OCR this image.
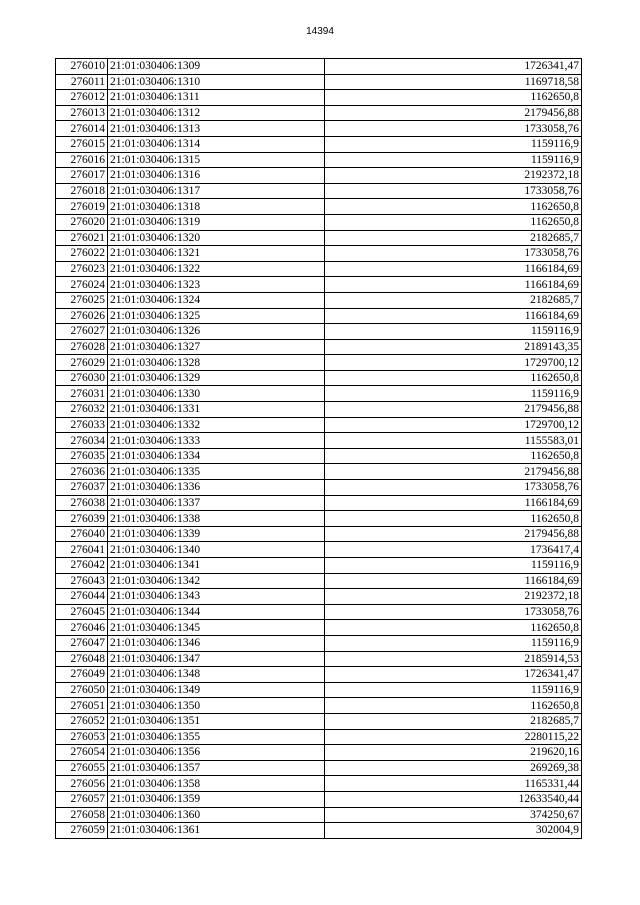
14394
276010	21:01:030406:1309	1726341,47
276011	21:01:030406:1310	1169718,58
276012	21:01:030406:1311	1162650,8
276013	21:01:030406:1312	2179456,88
276014	21:01:030406:1313	1733058,76
276015	21:01:030406:1314	1159116,9
276016	21:01:030406:1315	1159116,9
276017	21:01:030406:1316	2192372,18
276018	21:01:030406:1317	1733058,76
276019	21:01:030406:1318	1162650,8
276020	21:01:030406:1319	1162650,8
276021	21:01:030406:1320	2182685,7
276022	21:01:030406:1321	1733058,76
276023	21:01:030406:1322	1166184,69
276024	21:01:030406:1323	1166184,69
276025	21:01:030406:1324	2182685,7
276026	21:01:030406:1325	1166184,69
276027	21:01:030406:1326	1159116,9
276028	21:01:030406:1327	2189143,35
276029	21:01:030406:1328	1729700,12
276030	21:01:030406:1329	1162650,8
276031	21:01:030406:1330	1159116,9
276032	21:01:030406:1331	2179456,88
276033	21:01:030406:1332	1729700,12
276034	21:01:030406:1333	1155583,01
276035	21:01:030406:1334	1162650,8
276036	21:01:030406:1335	2179456,88
276037	21:01:030406:1336	1733058,76
276038	21:01:030406:1337	1166184,69
276039	21:01:030406:1338	1162650,8
276040	21:01:030406:1339	2179456,88
276041	21:01:030406:1340	1736417,4
276042	21:01:030406:1341	1159116,9
276043	21:01:030406:1342	1166184,69
276044	21:01:030406:1343	2192372,18
276045	21:01:030406:1344	1733058,76
276046	21:01:030406:1345	1162650,8
276047	21:01:030406:1346	1159116,9
276048	21:01:030406:1347	2185914,53
276049	21:01:030406:1348	1726341,47
276050	21:01:030406:1349	1159116,9
276051	21:01:030406:1350	1162650,8
276052	21:01:030406:1351	2182685,7
276053	21:01:030406:1355	2280115,22
276054	21:01:030406:1356	219620,16
276055	21:01:030406:1357	269269,38
276056	21:01:030406:1358	1165331,44
276057	21:01:030406:1359	12633540,44
276058	21:01:030406:1360	374250,67
276059	21:01:030406:1361	302004,9
